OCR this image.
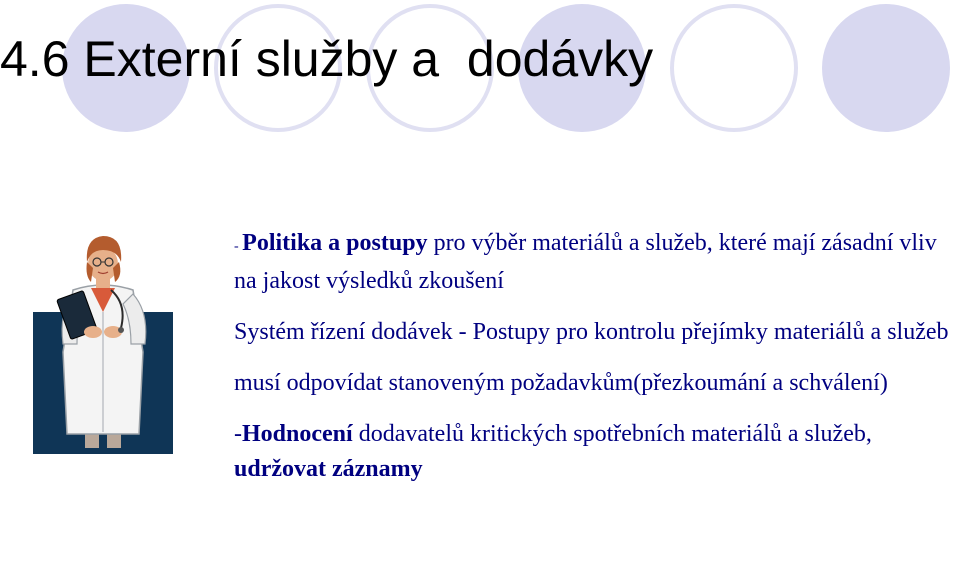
4.6 Externí služby a  dodávky

- Politika a postupy pro výběr materiálů a služeb, které mají zásadní vliv na jakost výsledků zkoušení

Systém řízení dodávek - Postupy pro kontrolu přejímky materiálů a služeb

musí odpovídat stanoveným požadavkům(přezkoumání a schválení)

-Hodnocení dodavatelů kritických spotřebních materiálů a služeb, udržovat záznamy
